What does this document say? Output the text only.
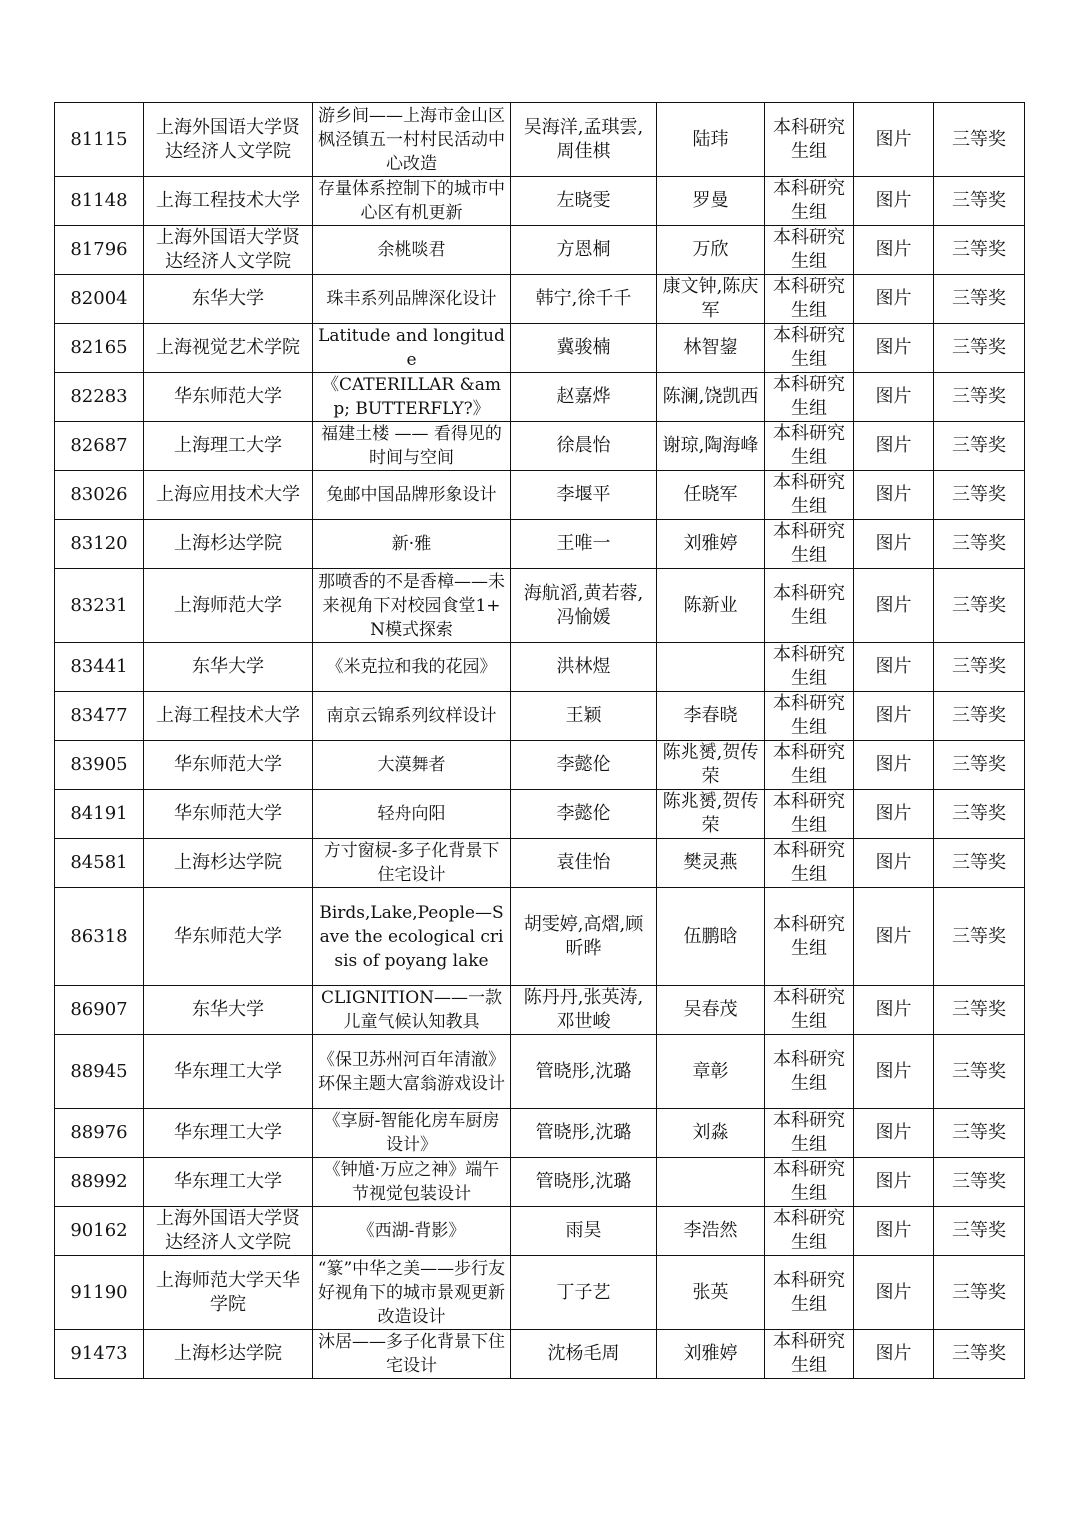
81115	上海外国语大学贤达经济人文学院	游乡间——上海市金山区枫泾镇五一村村民活动中心改造	吴海洋,孟琪雲,周佳棋	陆玮	本科研究生组	图片	三等奖
81148	上海工程技术大学	存量体系控制下的城市中心区有机更新	左晓雯	罗曼	本科研究生组	图片	三等奖
81796	上海外国语大学贤达经济人文学院	余桃啖君	方恩桐	万欣	本科研究生组	图片	三等奖
82004	东华大学	珠丰系列品牌深化设计	韩宁,徐千千	康文钟,陈庆军	本科研究生组	图片	三等奖
82165	上海视觉艺术学院	Latitude and longitude	冀骏楠	林智鋆	本科研究生组	图片	三等奖
82283	华东师范大学	《CATERILLAR &amp; BUTTERFLY?》	赵嘉烨	陈澜,饶凯西	本科研究生组	图片	三等奖
82687	上海理工大学	福建土楼 —— 看得见的时间与空间	徐晨怡	谢琼,陶海峰	本科研究生组	图片	三等奖
83026	上海应用技术大学	兔邮中国品牌形象设计	李堰平	任晓军	本科研究生组	图片	三等奖
83120	上海杉达学院	新·雅	王唯一	刘雅婷	本科研究生组	图片	三等奖
83231	上海师范大学	那喷香的不是香樟——未来视角下对校园食堂1+N模式探索	海航滔,黄若蓉,冯愉媛	陈新业	本科研究生组	图片	三等奖
83441	东华大学	《米克拉和我的花园》	洪林煜		本科研究生组	图片	三等奖
83477	上海工程技术大学	南京云锦系列纹样设计	王颖	李春晓	本科研究生组	图片	三等奖
83905	华东师范大学	大漠舞者	李懿伦	陈兆赟,贺传荣	本科研究生组	图片	三等奖
84191	华东师范大学	轻舟向阳	李懿伦	陈兆赟,贺传荣	本科研究生组	图片	三等奖
84581	上海杉达学院	方寸窗棂-多子化背景下住宅设计	袁佳怡	樊灵燕	本科研究生组	图片	三等奖
86318	华东师范大学	Birds,Lake,People—Save the ecological crisis of poyang lake	胡雯婷,高熠,顾昕晔	伍鹏晗	本科研究生组	图片	三等奖
86907	东华大学	CLIGNITION——一款儿童气候认知教具	陈丹丹,张英涛,邓世峻	吴春茂	本科研究生组	图片	三等奖
88945	华东理工大学	《保卫苏州河百年清澈》环保主题大富翁游戏设计	管晓彤,沈璐	章彰	本科研究生组	图片	三等奖
88976	华东理工大学	《享厨-智能化房车厨房设计》	管晓彤,沈璐	刘淼	本科研究生组	图片	三等奖
88992	华东理工大学	《钟馗·万应之神》端午节视觉包装设计	管晓彤,沈璐		本科研究生组	图片	三等奖
90162	上海外国语大学贤达经济人文学院	《西湖-背影》	雨昊	李浩然	本科研究生组	图片	三等奖
91190	上海师范大学天华学院	“篆”中华之美——步行友好视角下的城市景观更新改造设计	丁子艺	张英	本科研究生组	图片	三等奖
91473	上海杉达学院	沐居——多子化背景下住宅设计	沈杨毛周	刘雅婷	本科研究生组	图片	三等奖
